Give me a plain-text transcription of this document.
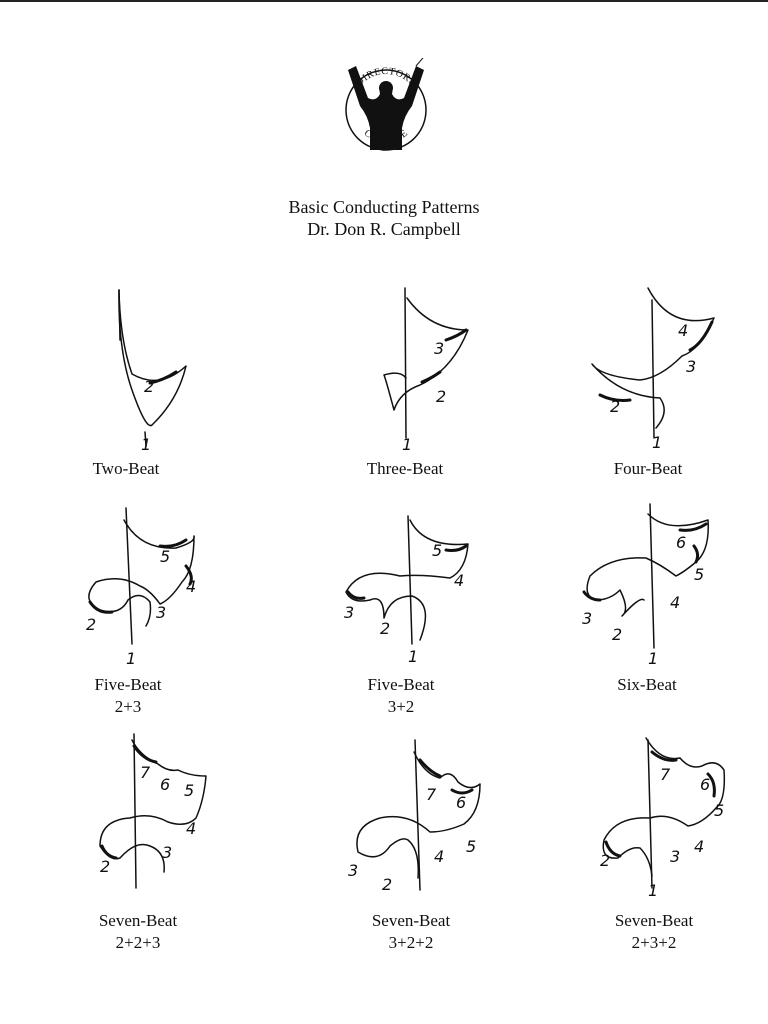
DIRECTORS
COLLEGE
Basic Conducting Patterns
Dr. Don R. Campbell
2
1
3
2
1
4
3
2
1
5
4
3
2
1
5
4
3
2
1
6
5
4
3
2
1
7
6 5
4
3
2
7 6
5
4
3
2
7
6
5
4
3
2
1
Two-Beat	Three-Beat	Four-Beat
Five-Beat
2+3
Five-Beat
3+2
Six-Beat
Seven-Beat
2+2+3
Seven-Beat
3+2+2
Seven-Beat
2+3+2
